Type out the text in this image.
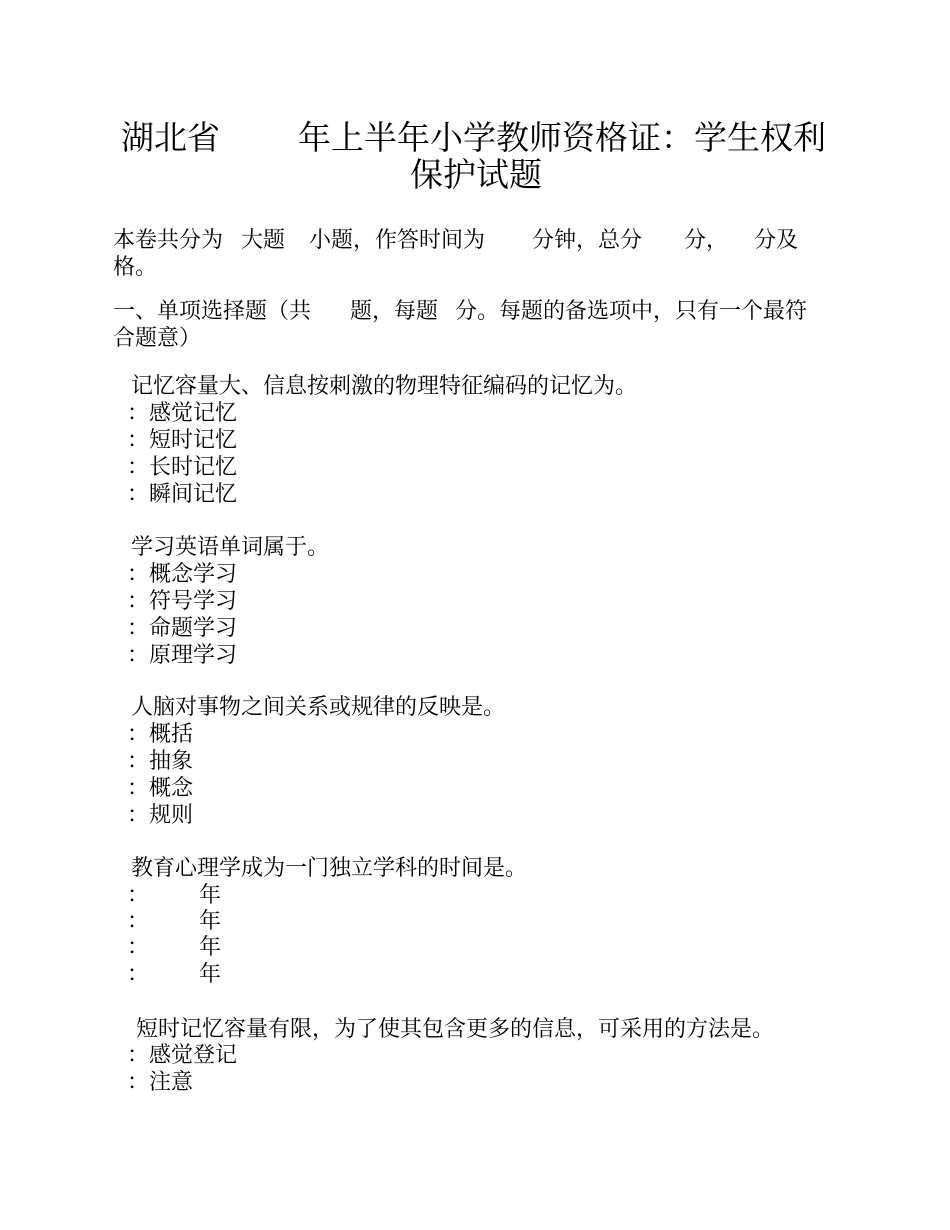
湖北省 年上半年小学教师资格证：学生权利
保护试题
本卷共分为 大题 小题，作答时间为 分钟，总分 分， 分及
格。
一、单项选择题（共 题，每题 分。每题的备选项中，只有一个最符
合题意）
记忆容量大、信息按刺激的物理特征编码的记忆为。
：感觉记忆
：短时记忆
：长时记忆
：瞬间记忆
学习英语单词属于。
：概念学习
：符号学习
：命题学习
：原理学习
人脑对事物之间关系或规律的反映是。
：概括
：抽象
：概念
：规则
教育心理学成为一门独立学科的时间是。
： 年
： 年
： 年
： 年
短时记忆容量有限，为了使其包含更多的信息，可采用的方法是。
：感觉登记
：注意
